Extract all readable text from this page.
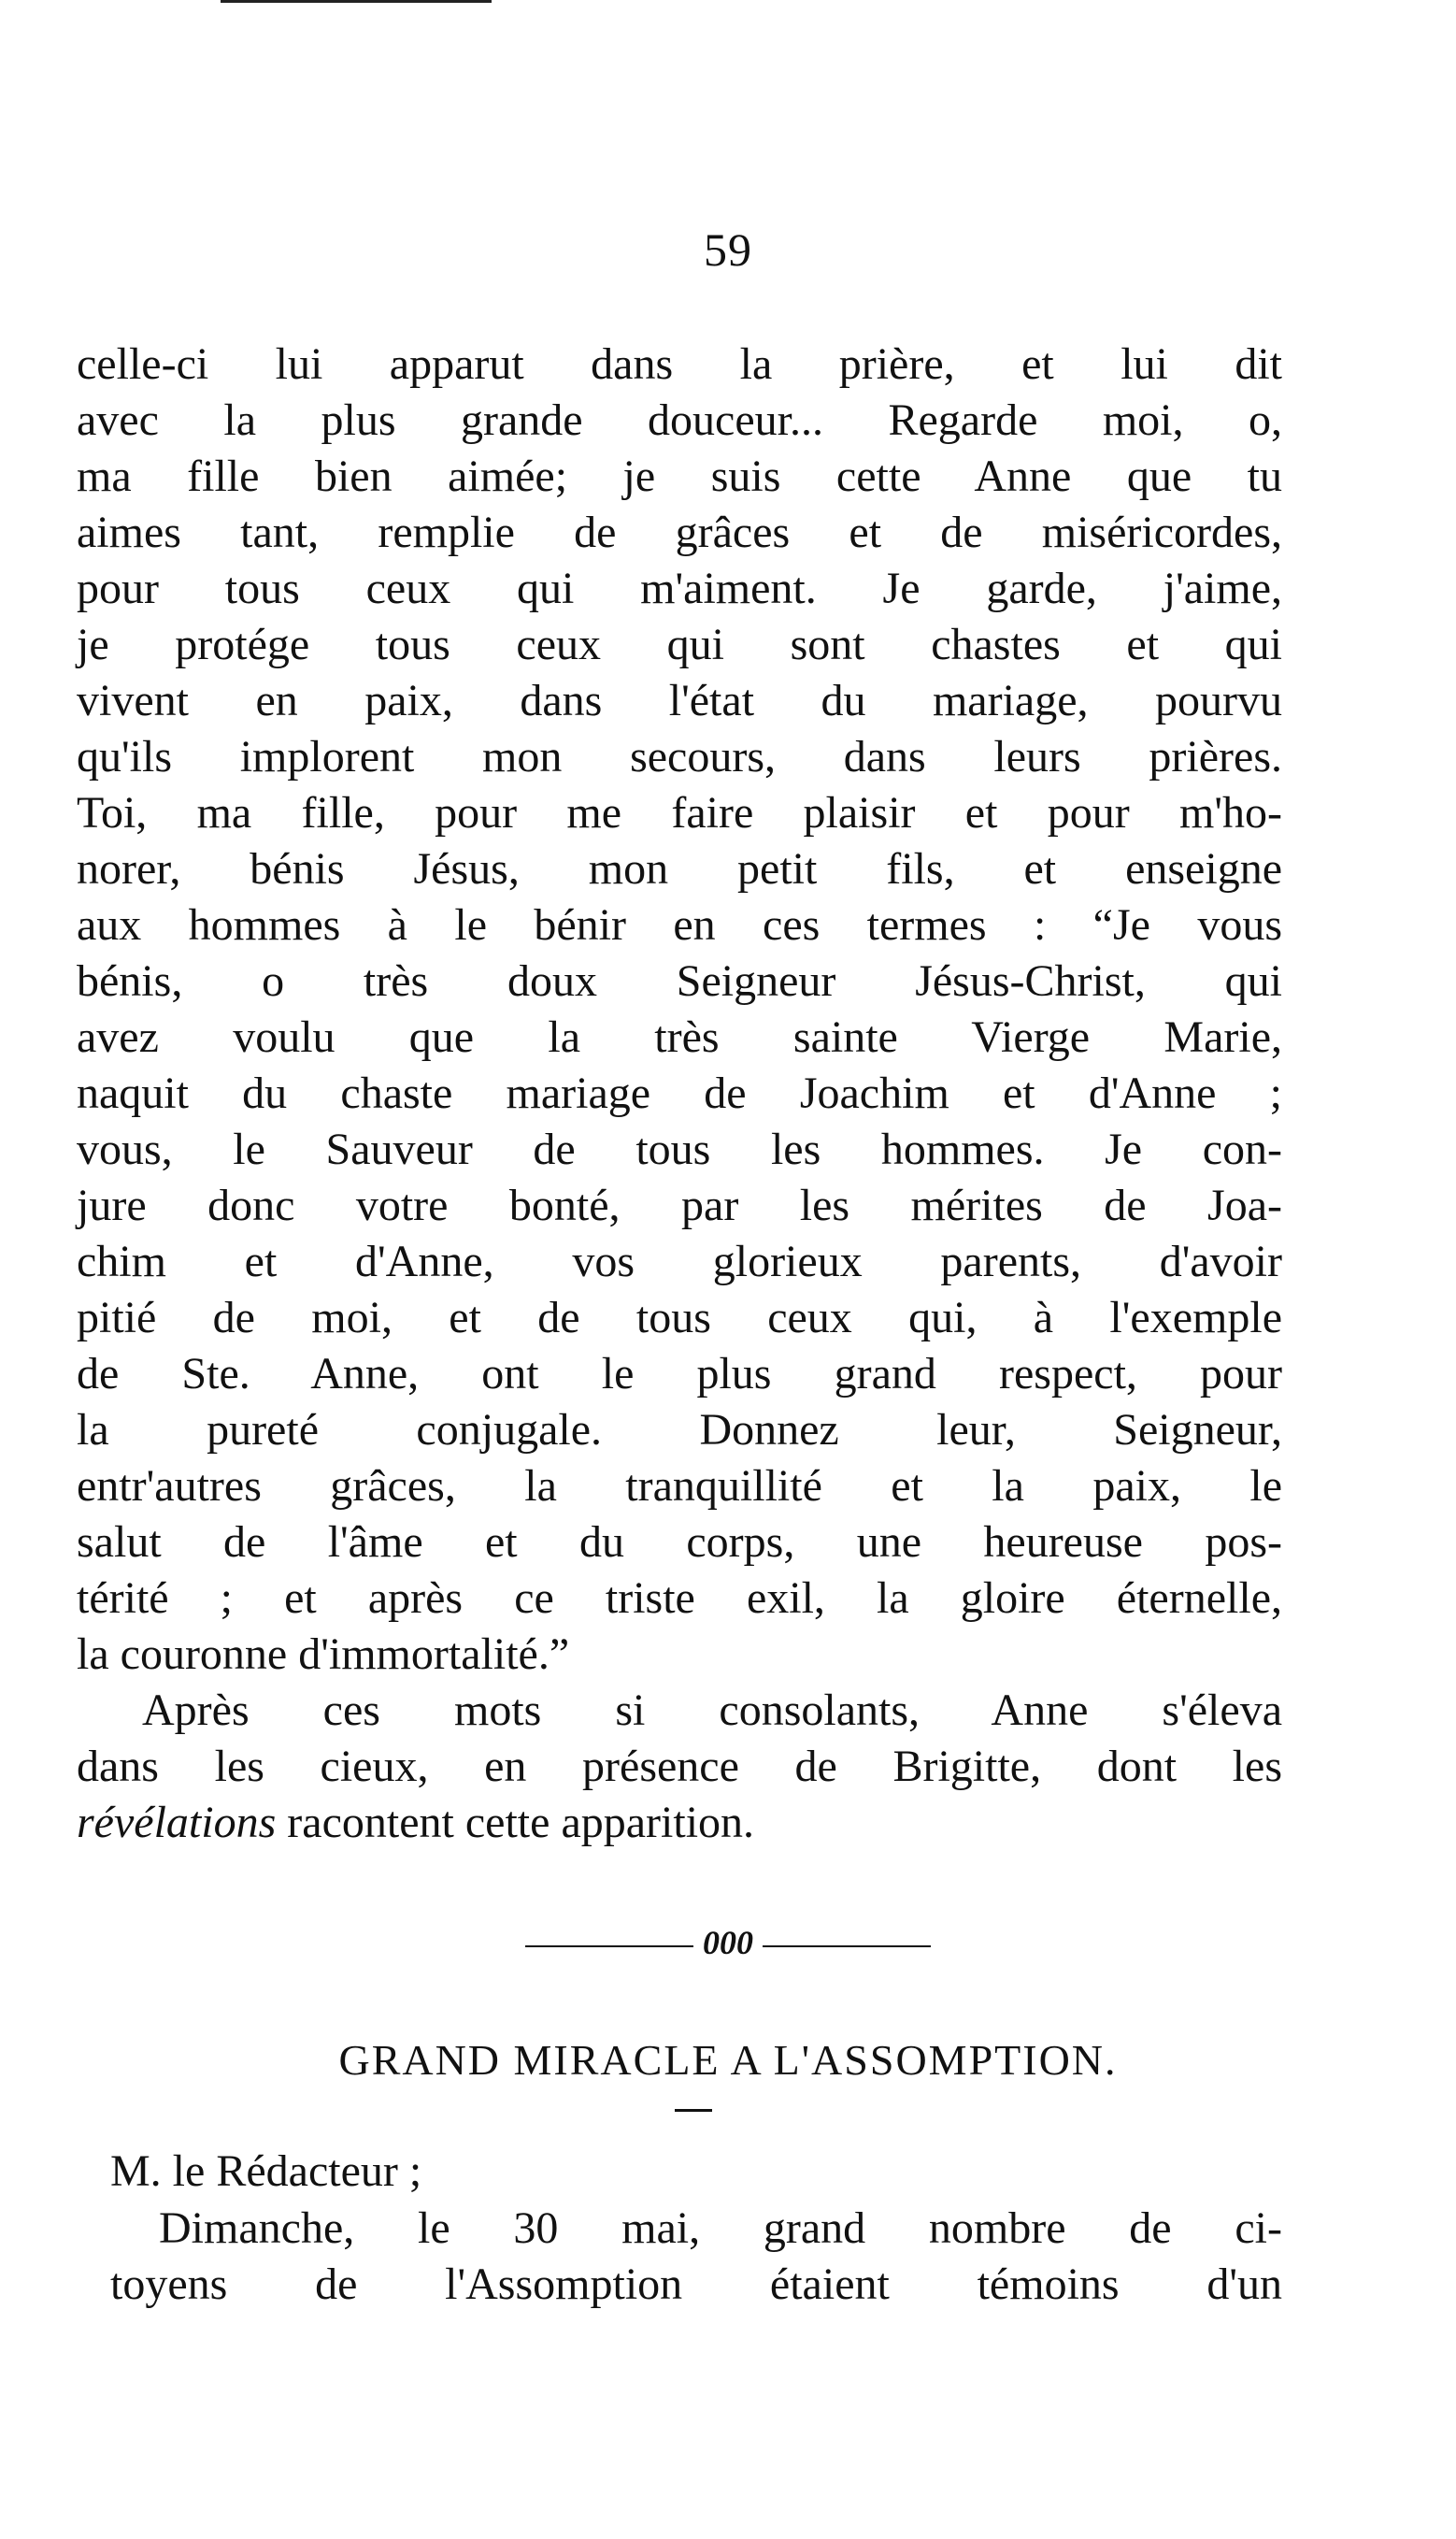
59
celle-ci lui apparut dans la prière, et lui dit
avec la plus grande douceur... Regarde moi, o,
ma fille bien aimée; je suis cette Anne que tu
aimes tant, remplie de grâces et de miséricordes,
pour tous ceux qui m'aiment. Je garde, j'aime,
je protége tous ceux qui sont chastes et qui
vivent en paix, dans l'état du mariage, pourvu
qu'ils implorent mon secours, dans leurs prières.
Toi, ma fille, pour me faire plaisir et pour m'ho-
norer, bénis Jésus, mon petit fils, et enseigne
aux hommes à le bénir en ces termes : “Je vous
bénis, o très doux Seigneur Jésus-Christ, qui
avez voulu que la très sainte Vierge Marie,
naquit du chaste mariage de Joachim et d'Anne ;
vous, le Sauveur de tous les hommes. Je con-
jure donc votre bonté, par les mérites de Joa-
chim et d'Anne, vos glorieux parents, d'avoir
pitié de moi, et de tous ceux qui, à l'exemple
de Ste. Anne, ont le plus grand respect, pour
la pureté conjugale. Donnez leur, Seigneur,
entr'autres grâces, la tranquillité et la paix, le
salut de l'âme et du corps, une heureuse pos-
térité ; et après ce triste exil, la gloire éternelle,
la couronne d'immortalité.”
Après ces mots si consolants, Anne s'éleva
dans les cieux, en présence de Brigitte, dont les
révélations racontent cette apparition.
000
GRAND MIRACLE A L'ASSOMPTION.
M. le Rédacteur ;
Dimanche, le 30 mai, grand nombre de ci-
toyens de l'Assomption étaient témoins d'un
